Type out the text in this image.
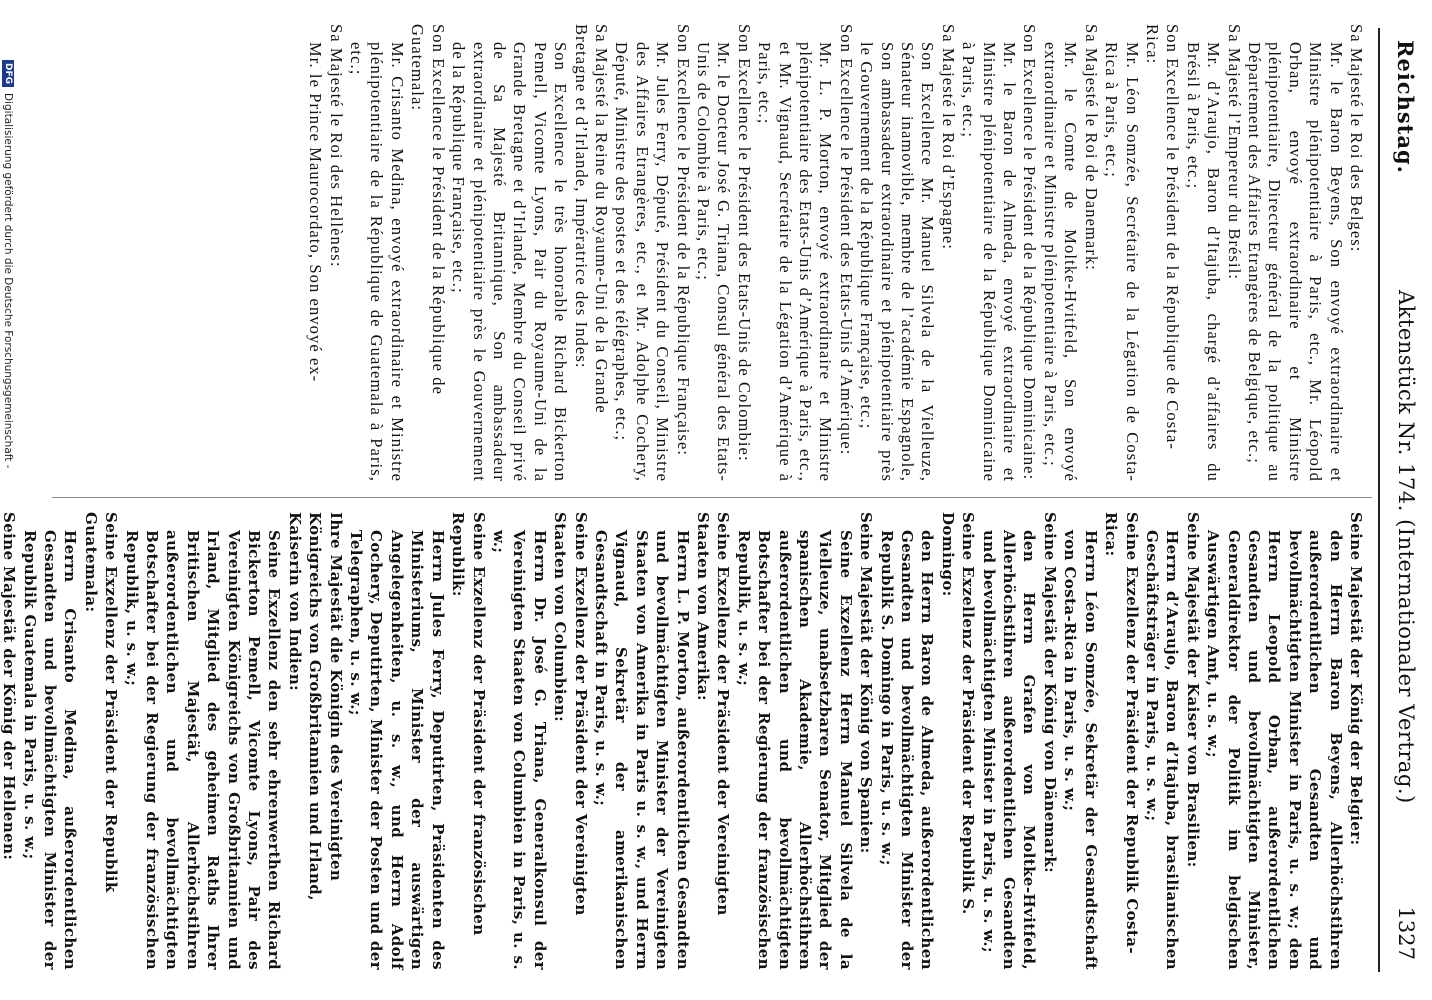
Reichstag.
Aktenstück Nr. 174. (Internationaler Vertrag.)
1327
Sa Majesté le Roi des Belges:
Mr. le Baron Beyens, Son envoyé extraordinaire et Ministre plénipotentiaire à Paris, etc., Mr. Léopold Orban, envoyé extraordinaire et Ministre plénipotentiaire, Directeur général de la politique au Département des Affaires Etrangères de Belgique, etc.;
Sa Majesté l’Empereur du Brésil:
Mr. d’Araujo, Baron d’Itajuba, chargé d’affaires du Brésil à Paris, etc.;
Son Excellence le Président de la République de Costa-Rica:
Mr. Léon Somzée, Secrétaire de la Légation de Costa-Rica à Paris, etc.;
Sa Majesté le Roi de Danemark:
Mr. le Comte de Moltke-Hvitfeld, Son envoyé extraordinaire et Ministre plénipotentiaire à Paris, etc.;
Son Excellence le Président de la République Dominicaine:
Mr. le Baron de Almeda, envoyé extraordinaire et Ministre plénipotentiaire de la République Dominicaine à Paris, etc.;
Sa Majesté le Roi d’Espagne:
Son Excellence Mr. Manuel Silvela de la Vielleuze, Sénateur inamovible, membre de l’académie Espagnole, Son ambassadeur extraordinaire et plénipotentiaire près le Gouvernement de la République Française, etc.;
Son Excellence le Président des Etats-Unis d’Amérique:
Mr. L. P. Morton, envoyé extraordinaire et Ministre plénipotentiaire des Etats-Unis d’Amérique à Paris, etc., et Mr. Vignaud, Secrétaire de la Légation d’Amérique à Paris, etc.;
Son Excellence le Président des Etats-Unis de Colombie:
Mr. le Docteur José G. Triana, Consul général des Etats-Unis de Colombie à Paris, etc.;
Son Excellence le Président de la République Française:
Mr. Jules Ferry, Député, Président du Conseil, Ministre des Affaires Etrangères, etc., et Mr. Adolphe Cochery, Député, Ministre des postes et des télégraphes, etc.;
Sa Majesté la Reine du Royaume-Uni de la Grande Bretagne et d’Irlande, Impératrice des Indes:
Son Excellence le très honorable Richard Bickerton Pemell, Vicomte Lyons, Pair du Royaume-Uni de la Grande Bretagne et d’Irlande, Membre du Conseil privé de Sa Majesté Britannique, Son ambassadeur extraordinaire et plénipotentiaire près le Gouvernement de la République Française, etc.;
Son Excellence le Président de la République de Guatemala:
Mr. Crisanto Medina, envoyé extraordinaire et Ministre plénipotentiaire de la République de Guatemala à Paris, etc.;
Sa Majesté le Roi des Hellènes:
Mr. le Prince Maurocordato, Son envoyé ex-
Seine Majestät der König der Belgier:
den Herrn Baron Beyens, Allerhöchstihren außerordentlichen Gesandten und bevollmächtigten Minister in Paris, u. s. w.; den Herrn Leopold Orban, außerordentlichen Gesandten und bevollmächtigten Minister, Generaldirektor der Politik im belgischen Auswärtigen Amt, u. s. w.;
Seine Majestät der Kaiser von Brasilien:
Herrn d’Araujo, Baron d’Itajuba, brasilianischen Geschäftsträger in Paris, u. s. w.;
Seine Exzellenz der Präsident der Republik Costa-Rica:
Herrn Léon Somzée, Sekretär der Gesandtschaft von Costa-Rica in Paris, u. s. w.;
Seine Majestät der König von Dänemark:
den Herrn Grafen von Moltke-Hvitfeld, Allerhöchstihren außerordentlichen Gesandten und bevollmächtigten Minister in Paris, u. s. w.;
Seine Exzellenz der Präsident der Republik S. Domingo:
den Herrn Baron de Almeda, außerordentlichen Gesandten und bevollmächtigten Minister der Republik S. Domingo in Paris, u. s. w.;
Seine Majestät der König von Spanien:
Seine Exzellenz Herrn Manuel Silvela de la Vielleuze, unabsetzbaren Senator, Mitglied der spanischen Akademie, Allerhöchstihren außerordentlichen und bevollmächtigten Botschafter bei der Regierung der französischen Republik, u. s. w.;
Seine Exzellenz der Präsident der Vereinigten Staaten von Amerika:
Herrn L. P. Morton, außerordentlichen Gesandten und bevollmächtigten Minister der Vereinigten Staaten von Amerika in Paris u. s. w., und Herrn Vignaud, Sekretär der amerikanischen Gesandtschaft in Paris, u. s. w.;
Seine Exzellenz der Präsident der Vereinigten Staaten von Columbien:
Herrn Dr. José G. Triana, Generalkonsul der Vereinigten Staaten von Columbien in Paris, u. s. w.;
Seine Exzellenz der Präsident der französischen Republik:
Herrn Jules Ferry, Deputirten, Präsidenten des Ministeriums, Minister der auswärtigen Angelegenheiten, u. s. w., und Herrn Adolf Cochery, Deputirten, Minister der Posten und der Telegraphen, u. s. w.;
Ihre Majestät die Königin des Vereinigten Königreichs von Großbritannien und Irland, Kaiserin von Indien:
Seine Exzellenz den sehr ehrenwerthen Richard Bickerton Pemell, Vicomte Lyons, Pair des Vereinigten Königreichs von Großbritannien und Irland, Mitglied des geheimen Raths Ihrer Britischen Majestät, Allerhöchstihren außerordentlichen und bevollmächtigten Botschafter bei der Regierung der französischen Republik, u. s. w.;
Seine Exzellenz der Präsident der Republik Guatemala:
Herrn Crisanto Medina, außerordentlichen Gesandten und bevollmächtigten Minister der Republik Guatemala in Paris, u. s. w.;
Seine Majestät der König der Hellenen:
DFGDigitalisierung gefördert durch die Deutsche Forschungsgemeinschaft -
